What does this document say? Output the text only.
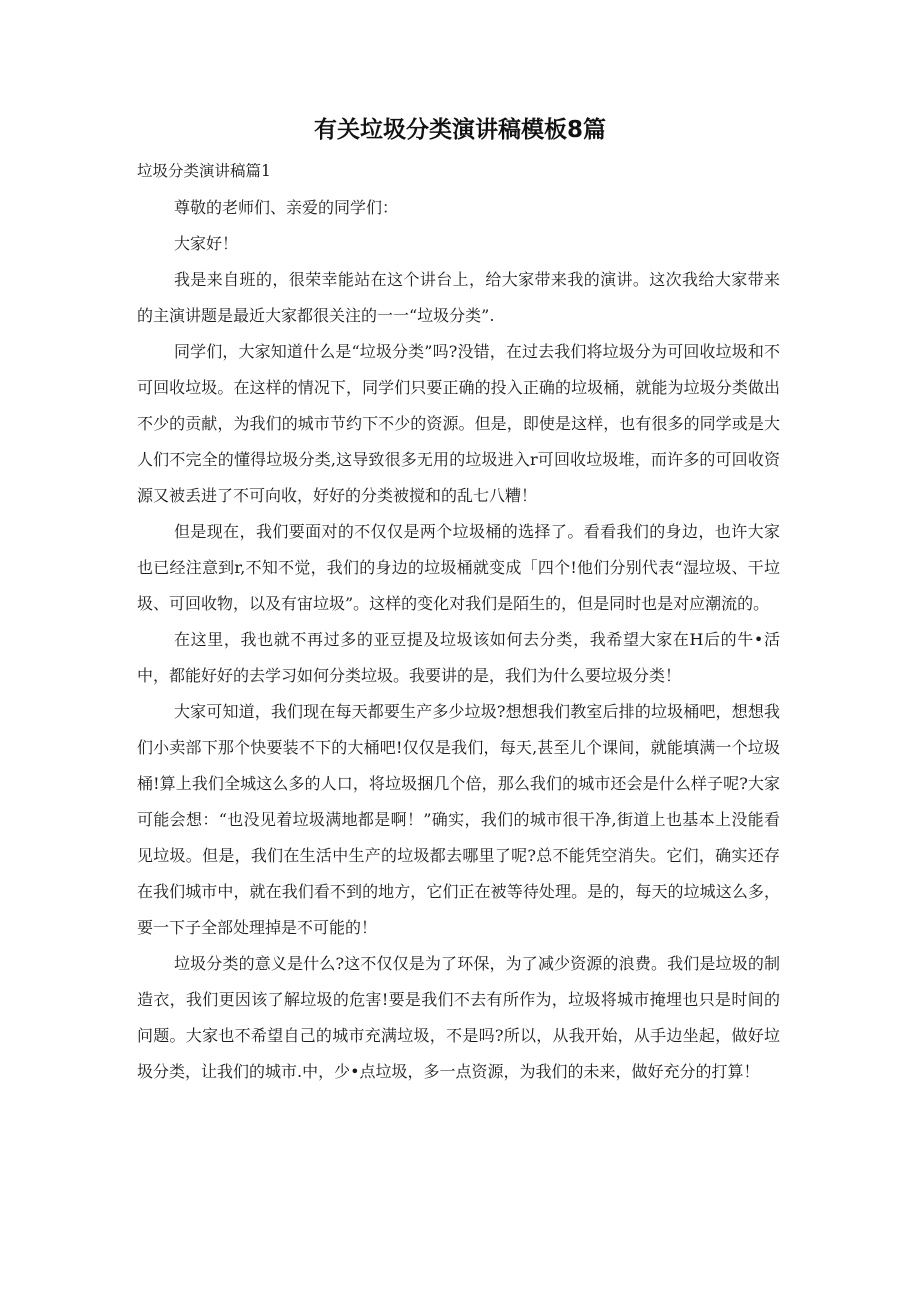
有关垃圾分类演讲稿模板8篇
垃圾分类演讲稿篇1

尊敬的老师们、亲爱的同学们：

大家好！

我是来自班的，很荣幸能站在这个讲台上，给大家带来我的演讲。这次我给大家带来的主演讲题是最近大家都很关注的一一“垃圾分类”.

同学们，大家知道什么是“垃圾分类”吗?没错，在过去我们将垃圾分为可回收垃圾和不可回收垃圾。在这样的情况下，同学们只要正确的投入正确的垃圾桶，就能为垃圾分类做出不少的贡献，为我们的城市节约下不少的资源。但是，即使是这样，也有很多的同学或是大人们不完全的懂得垃圾分类,这导致很多无用的垃圾进入r可回收垃圾堆，而许多的可回收资源又被丢进了不可向收，好好的分类被搅和的乱七八糟！

但是现在，我们要面对的不仅仅是两个垃圾桶的选择了。看看我们的身边，也许大家也已经注意到r,不知不觉，我们的身边的垃圾桶就变成「四个!他们分别代表“湿垃圾、干垃圾、可回收物，以及有宙垃圾”。这样的变化对我们是陌生的，但是同时也是对应潮流的。

在这里，我也就不再过多的亚豆提及垃圾该如何去分类，我希望大家在H后的牛•活中，都能好好的去学习如何分类垃圾。我要讲的是，我们为什么要垃圾分类！

大家可知道，我们现在每天都要生产多少垃圾?想想我们教室后排的垃圾桶吧，想想我们小卖部下那个快要装不下的大桶吧!仅仅是我们，每天,甚至儿个课间，就能填满一个垃圾桶!算上我们全城这么多的人口，将垃圾捆几个倍，那么我们的城市还会是什么样子呢?大家可能会想：“也没见着垃圾满地都是啊！”确实，我们的城市很干净,街道上也基本上没能看见垃圾。但是，我们在生活中生产的垃圾都去哪里了呢?总不能凭空消失。它们，确实还存在我们城市中，就在我们看不到的地方，它们正在被等待处理。是的，每天的垃城这么多，要一下子全部处理掉是不可能的！

垃圾分类的意义是什么?这不仅仅是为了环保，为了减少资源的浪费。我们是垃圾的制造衣，我们更因该了解垃圾的危害!要是我们不去有所作为，垃圾将城市掩埋也只是时间的问题。大家也不希望自己的城市充满垃圾，不是吗?所以，从我开始，从手边坐起，做好垃圾分类，让我们的城市.中，少•点垃圾，多一点资源，为我们的未来，做好充分的打算！
